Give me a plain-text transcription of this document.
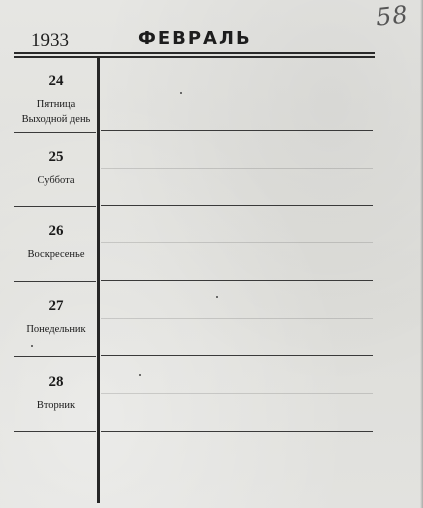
58
1933	ФЕВРАЛЬ
24
Пятница
Выходной день
25
Суббота
26
Воскресенье
27
Понедельник
28
Вторник
